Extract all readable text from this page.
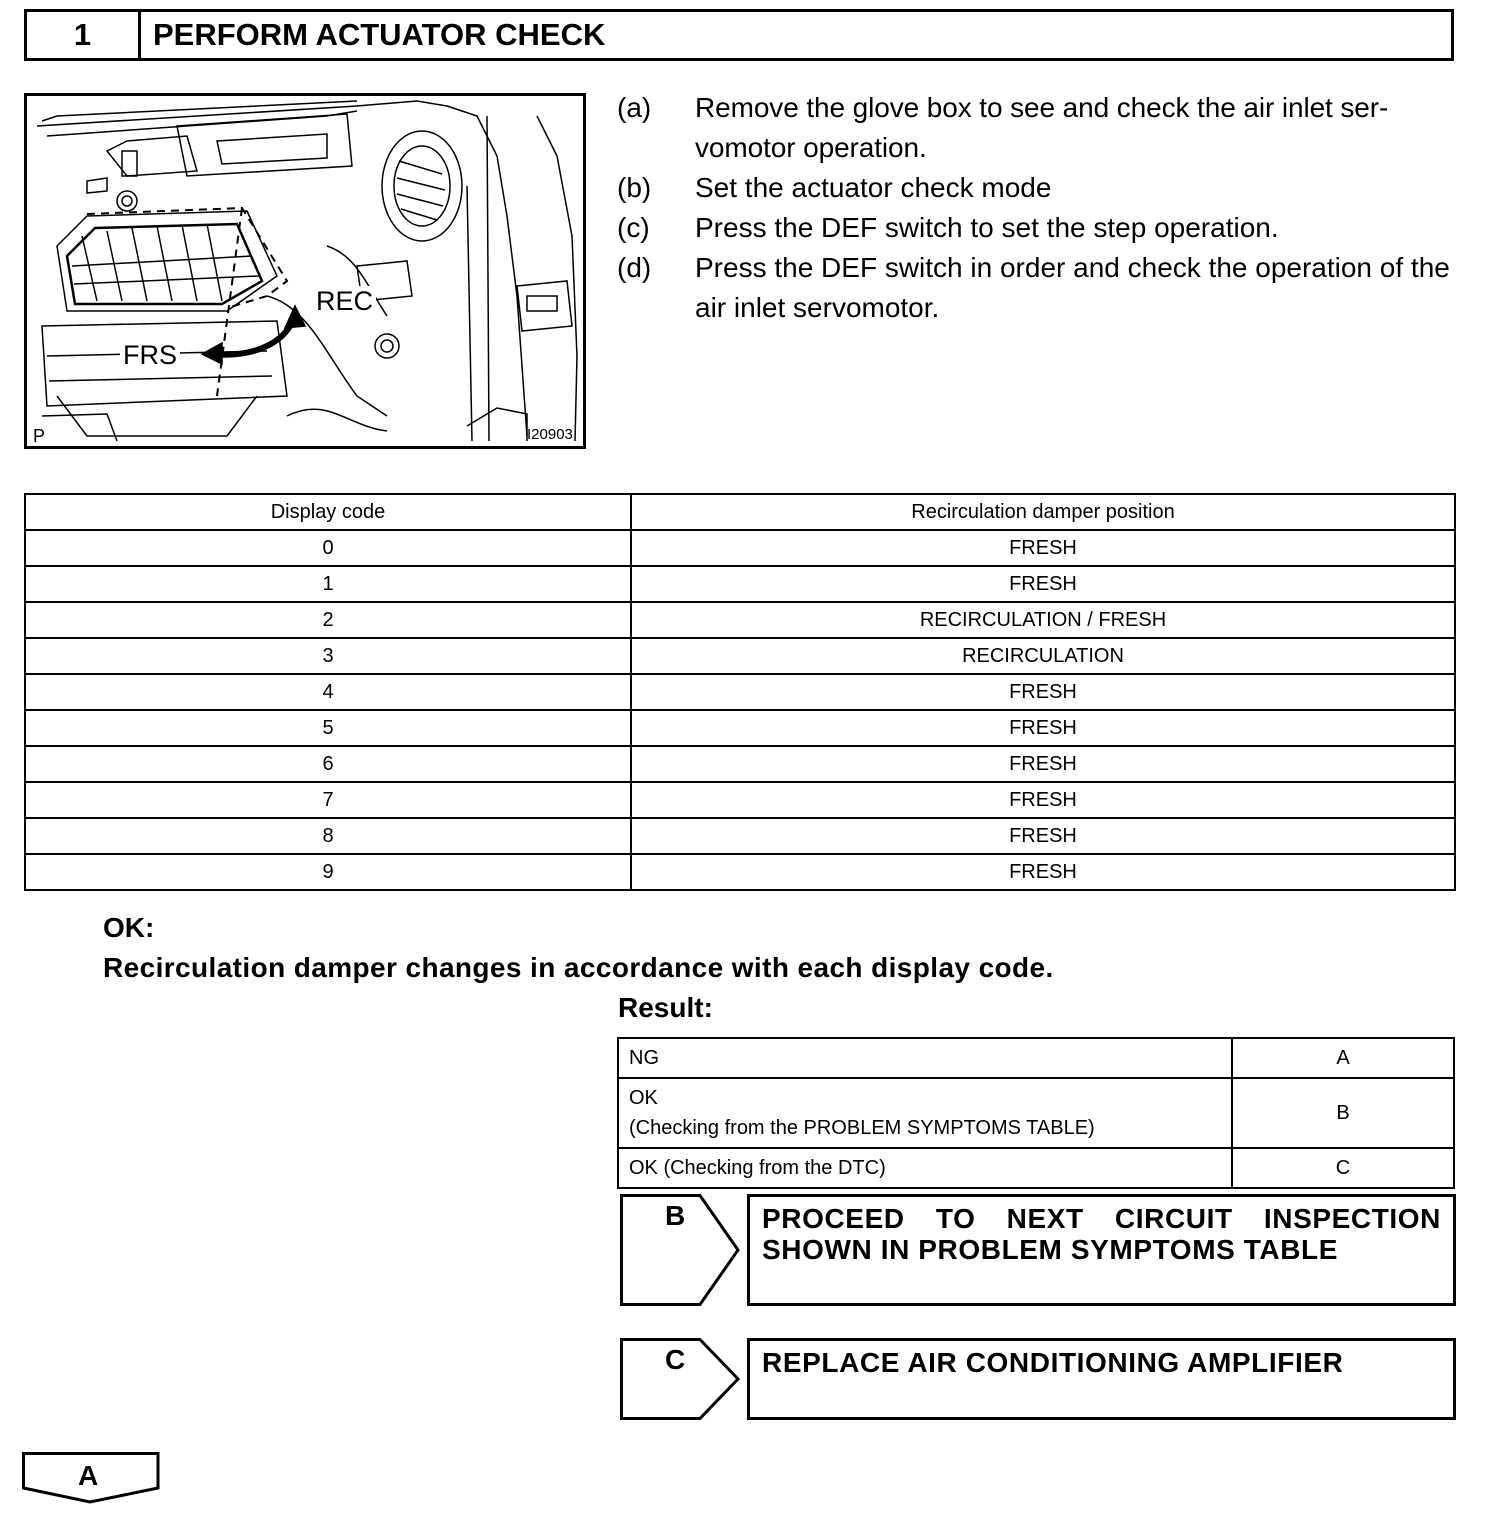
1	PERFORM ACTUATOR CHECK
REC
FRS
P	I20903
(a)	Remove the glove box to see and check the air inlet ser-vomotor operation.
(b)	Set the actuator check mode
(c)	Press the DEF switch to set the step operation.
(d)	Press the DEF switch in order and check the operation of the air inlet servomotor.
Display code	Recirculation damper position
0	FRESH
1	FRESH
2	RECIRCULATION / FRESH
3	RECIRCULATION
4	FRESH
5	FRESH
6	FRESH
7	FRESH
8	FRESH
9	FRESH
OK:
Recirculation damper changes in accordance with each display code.
Result:
NG	A

OK
(Checking from the PROBLEM SYMPTOMS TABLE)	B

OK (Checking from the DTC)	C
B	PROCEED TO NEXT CIRCUIT INSPECTION SHOWN IN PROBLEM SYMPTOMS TABLE
C	REPLACE AIR CONDITIONING AMPLIFIER
A
